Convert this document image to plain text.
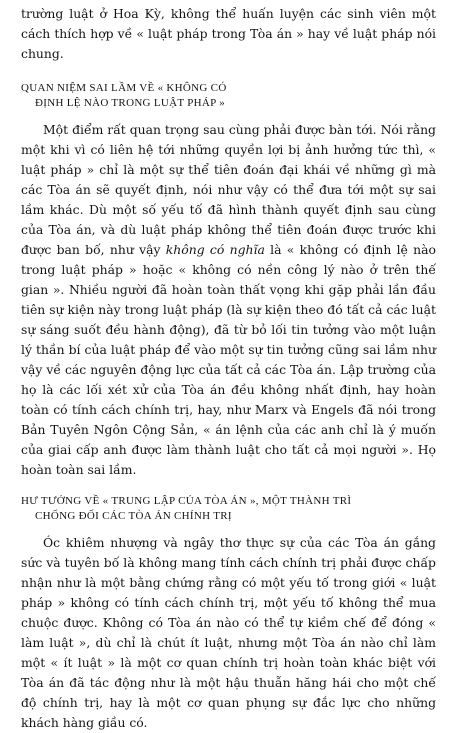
trường luật ở Hoa Kỳ, không thể huấn luyện các sinh viên một cách thích hợp về « luật pháp trong Tòa án » hay về luật pháp nói chung.

QUAN NIỆM SAI LẦM VỀ « KHÔNG CÓ
ĐỊNH LỆ NÀO TRONG LUẬT PHÁP »

Một điểm rất quan trọng sau cùng phải được bàn tới. Nói rằng một khi vì có liên hệ tới những quyền lợi bị ảnh hưởng tức thì, « luật pháp » chỉ là một sự thể tiên đoán đại khái về những gì mà các Tòa án sẽ quyết định, nói như vậy có thể đưa tới một sự sai lầm khác. Dù một số yếu tố đã hình thành quyết định sau cùng của Tòa án, và dù luật pháp không thể tiên đoán được trước khi được ban bố, như vậy không có nghĩa là « không có định lệ nào trong luật pháp » hoặc « không có nền công lý nào ở trên thế gian ». Nhiều người đã hoàn toàn thất vọng khi gặp phải lần đầu tiên sự kiện này trong luật pháp (là sự kiện theo đó tất cả các luật sự sáng suốt đều hành động), đã từ bỏ lối tin tưởng vào một luận lý thần bí của luật pháp để vào một sự tin tưởng cũng sai lầm như vậy về các nguyên động lực của tất cả các Tòa án. Lập trường của họ là các lối xét xử của Tòa án đều không nhất định, hay hoàn toàn có tính cách chính trị, hay, như Marx và Engels đã nói trong Bản Tuyên Ngôn Cộng Sản, « án lệnh của các anh chỉ là ý muốn của giai cấp anh được làm thành luật cho tất cả mọi người ». Họ hoàn toàn sai lầm.

HƯ TƯỞNG VỀ « TRUNG LẬP CỦA TÒA ÁN », MỘT THÀNH TRÌ
CHỐNG ĐỐI CÁC TÒA ÁN CHÍNH TRỊ

Óc khiêm nhượng và ngây thơ thực sự của các Tòa án gắng sức và tuyên bố là không mang tính cách chính trị phải được chấp nhận như là một bằng chứng rằng có một yếu tố trong giới « luật pháp » không có tính cách chính trị, một yếu tố không thể mua chuộc được. Không có Tòa án nào có thể tự kiềm chế để đóng « làm luật », dù chỉ là chút ít luật, nhưng một Tòa án nào chỉ làm một « ít luật » là một cơ quan chính trị hoàn toàn khác biệt với Tòa án đã tác động như là một hậu thuẫn hăng hái cho một chế độ chính trị, hay là một cơ quan phụng sự đắc lực cho những khách hàng giầu có.
